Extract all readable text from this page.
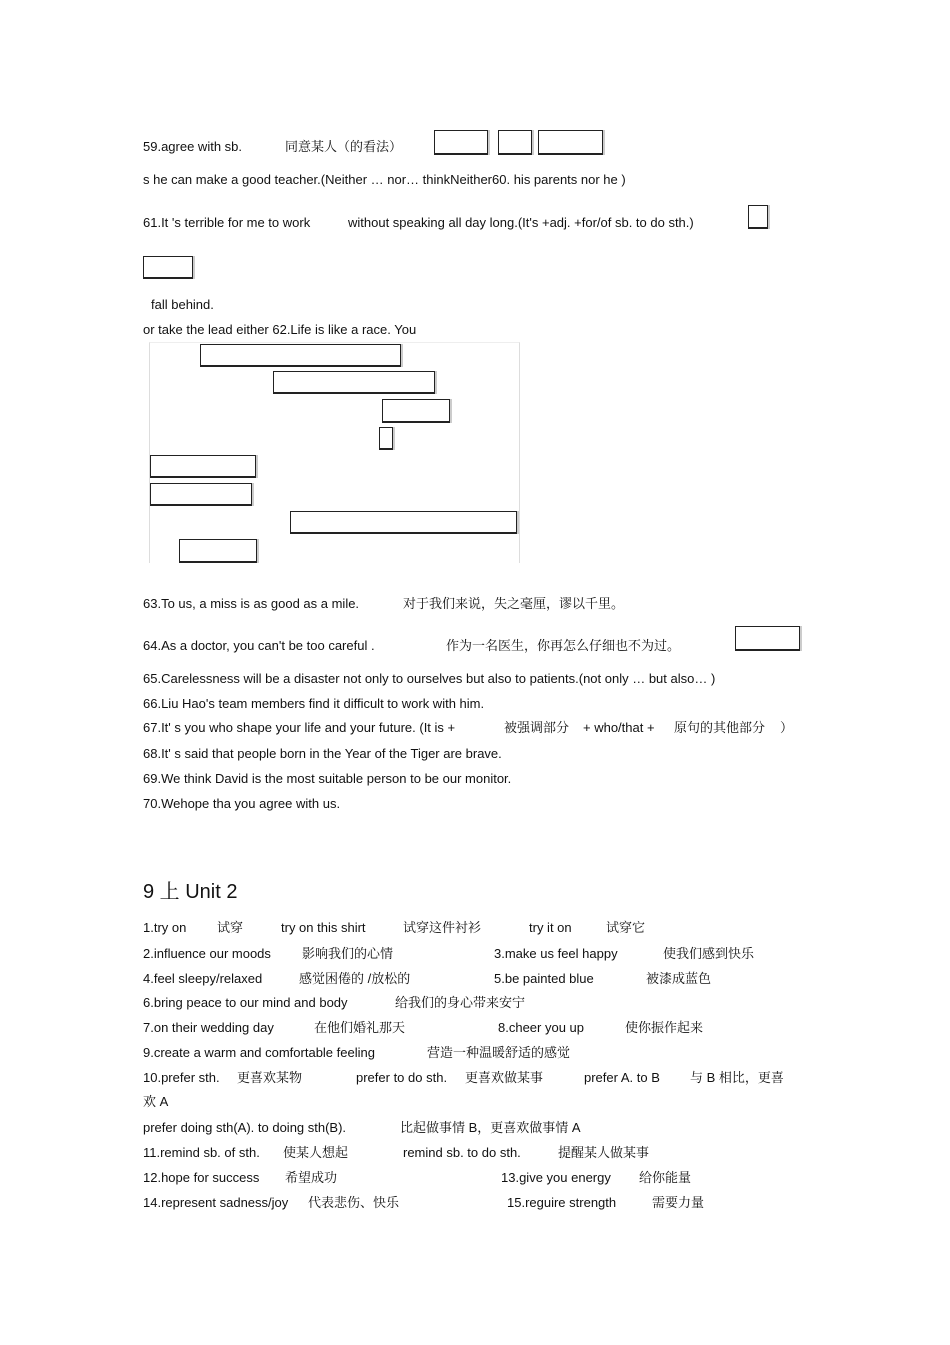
59.agree with sb.	同意某人（的看法）
s he can make a good teacher.(Neither … nor… thinkNeither60. his parents nor he )
61.It 's terrible for me to work	without speaking all day long.(It's +adj. +for/of sb. to do sth.)
fall behind.
or take the lead either 62.Life is like a race. You
63.To us, a miss is as good as a mile.	对于我们来说，失之毫厘，谬以千里。
64.As a doctor, you can't be too careful .	作为一名医生，你再怎么仔细也不为过。
65.Carelessness will be a disaster not only to ourselves but also to patients.(not only … but also… )
66.Liu Hao's team members find it difficult to work with him.
67.It' s you who shape your life and your future. (It is +	被强调部分 + who/that + 原句的其他部分 ）
68.It' s said that people born in the Year of the Tiger are brave.
69.We think David is the most suitable person to be our monitor.
70.Wehope tha you agree with us.
9 上 Unit 2
1.try on 试穿	try on this shirt	试穿这件衬衫	try it on	试穿它
2.influence our moods 影响我们的心情	3.make us feel happy	使我们感到快乐
4.feel sleepy/relaxed	感觉困倦的 /放松的	5.be painted blue	被漆成蓝色
6.bring peace to our mind and body	给我们的身心带来安宁
7.on their wedding day	在他们婚礼那天	8.cheer you up	使你振作起来
9.create a warm and comfortable feeling	营造一种温暖舒适的感觉
10.prefer sth. 更喜欢某物	prefer to do sth. 更喜欢做某事	prefer A. to B 与 B 相比，更喜
欢 A
prefer doing sth(A). to doing sth(B).	比起做事情 B，更喜欢做事情 A
11.remind sb. of sth. 使某人想起	remind sb. to do sth.	提醒某人做某事
12.hope for success 希望成功	13.give you energy 给你能量
14.represent sadness/joy 代表悲伤、快乐	15.reguire strength	需要力量
